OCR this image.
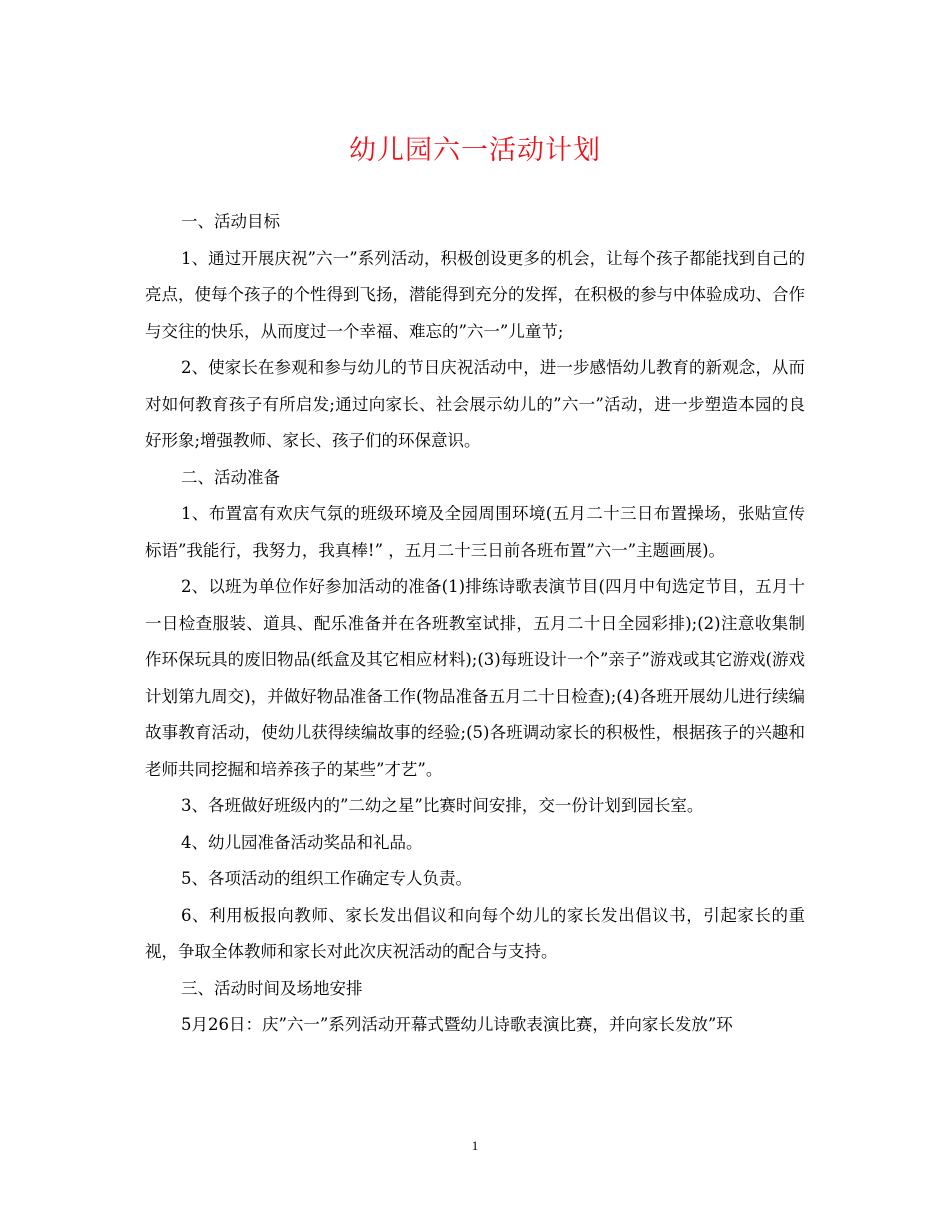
幼儿园六一活动计划

一、活动目标

1、通过开展庆祝”六一”系列活动，积极创设更多的机会，让每个孩子都能找到自己的亮点，使每个孩子的个性得到飞扬，潜能得到充分的发挥，在积极的参与中体验成功、合作与交往的快乐，从而度过一个幸福、难忘的”六一”儿童节;

2、使家长在参观和参与幼儿的节日庆祝活动中，进一步感悟幼儿教育的新观念，从而对如何教育孩子有所启发;通过向家长、社会展示幼儿的”六一”活动，进一步塑造本园的良好形象;增强教师、家长、孩子们的环保意识。

二、活动准备

1、布置富有欢庆气氛的班级环境及全园周围环境(五月二十三日布置操场，张贴宣传标语”我能行，我努力，我真棒!” ，五月二十三日前各班布置”六一”主题画展)。

2、以班为单位作好参加活动的准备(1)排练诗歌表演节目(四月中旬选定节目，五月十一日检查服装、道具、配乐准备并在各班教室试排，五月二十日全园彩排);(2)注意收集制作环保玩具的废旧物品(纸盒及其它相应材料);(3)每班设计一个”亲子”游戏或其它游戏(游戏计划第九周交)，并做好物品准备工作(物品准备五月二十日检查);(4)各班开展幼儿进行续编故事教育活动，使幼儿获得续编故事的经验;(5)各班调动家长的积极性，根据孩子的兴趣和老师共同挖掘和培养孩子的某些”才艺”。

3、各班做好班级内的”二幼之星”比赛时间安排，交一份计划到园长室。

4、幼儿园准备活动奖品和礼品。

5、各项活动的组织工作确定专人负责。

6、利用板报向教师、家长发出倡议和向每个幼儿的家长发出倡议书，引起家长的重视，争取全体教师和家长对此次庆祝活动的配合与支持。

三、活动时间及场地安排

5月26日：庆”六一”系列活动开幕式暨幼儿诗歌表演比赛，并向家长发放”环

1
